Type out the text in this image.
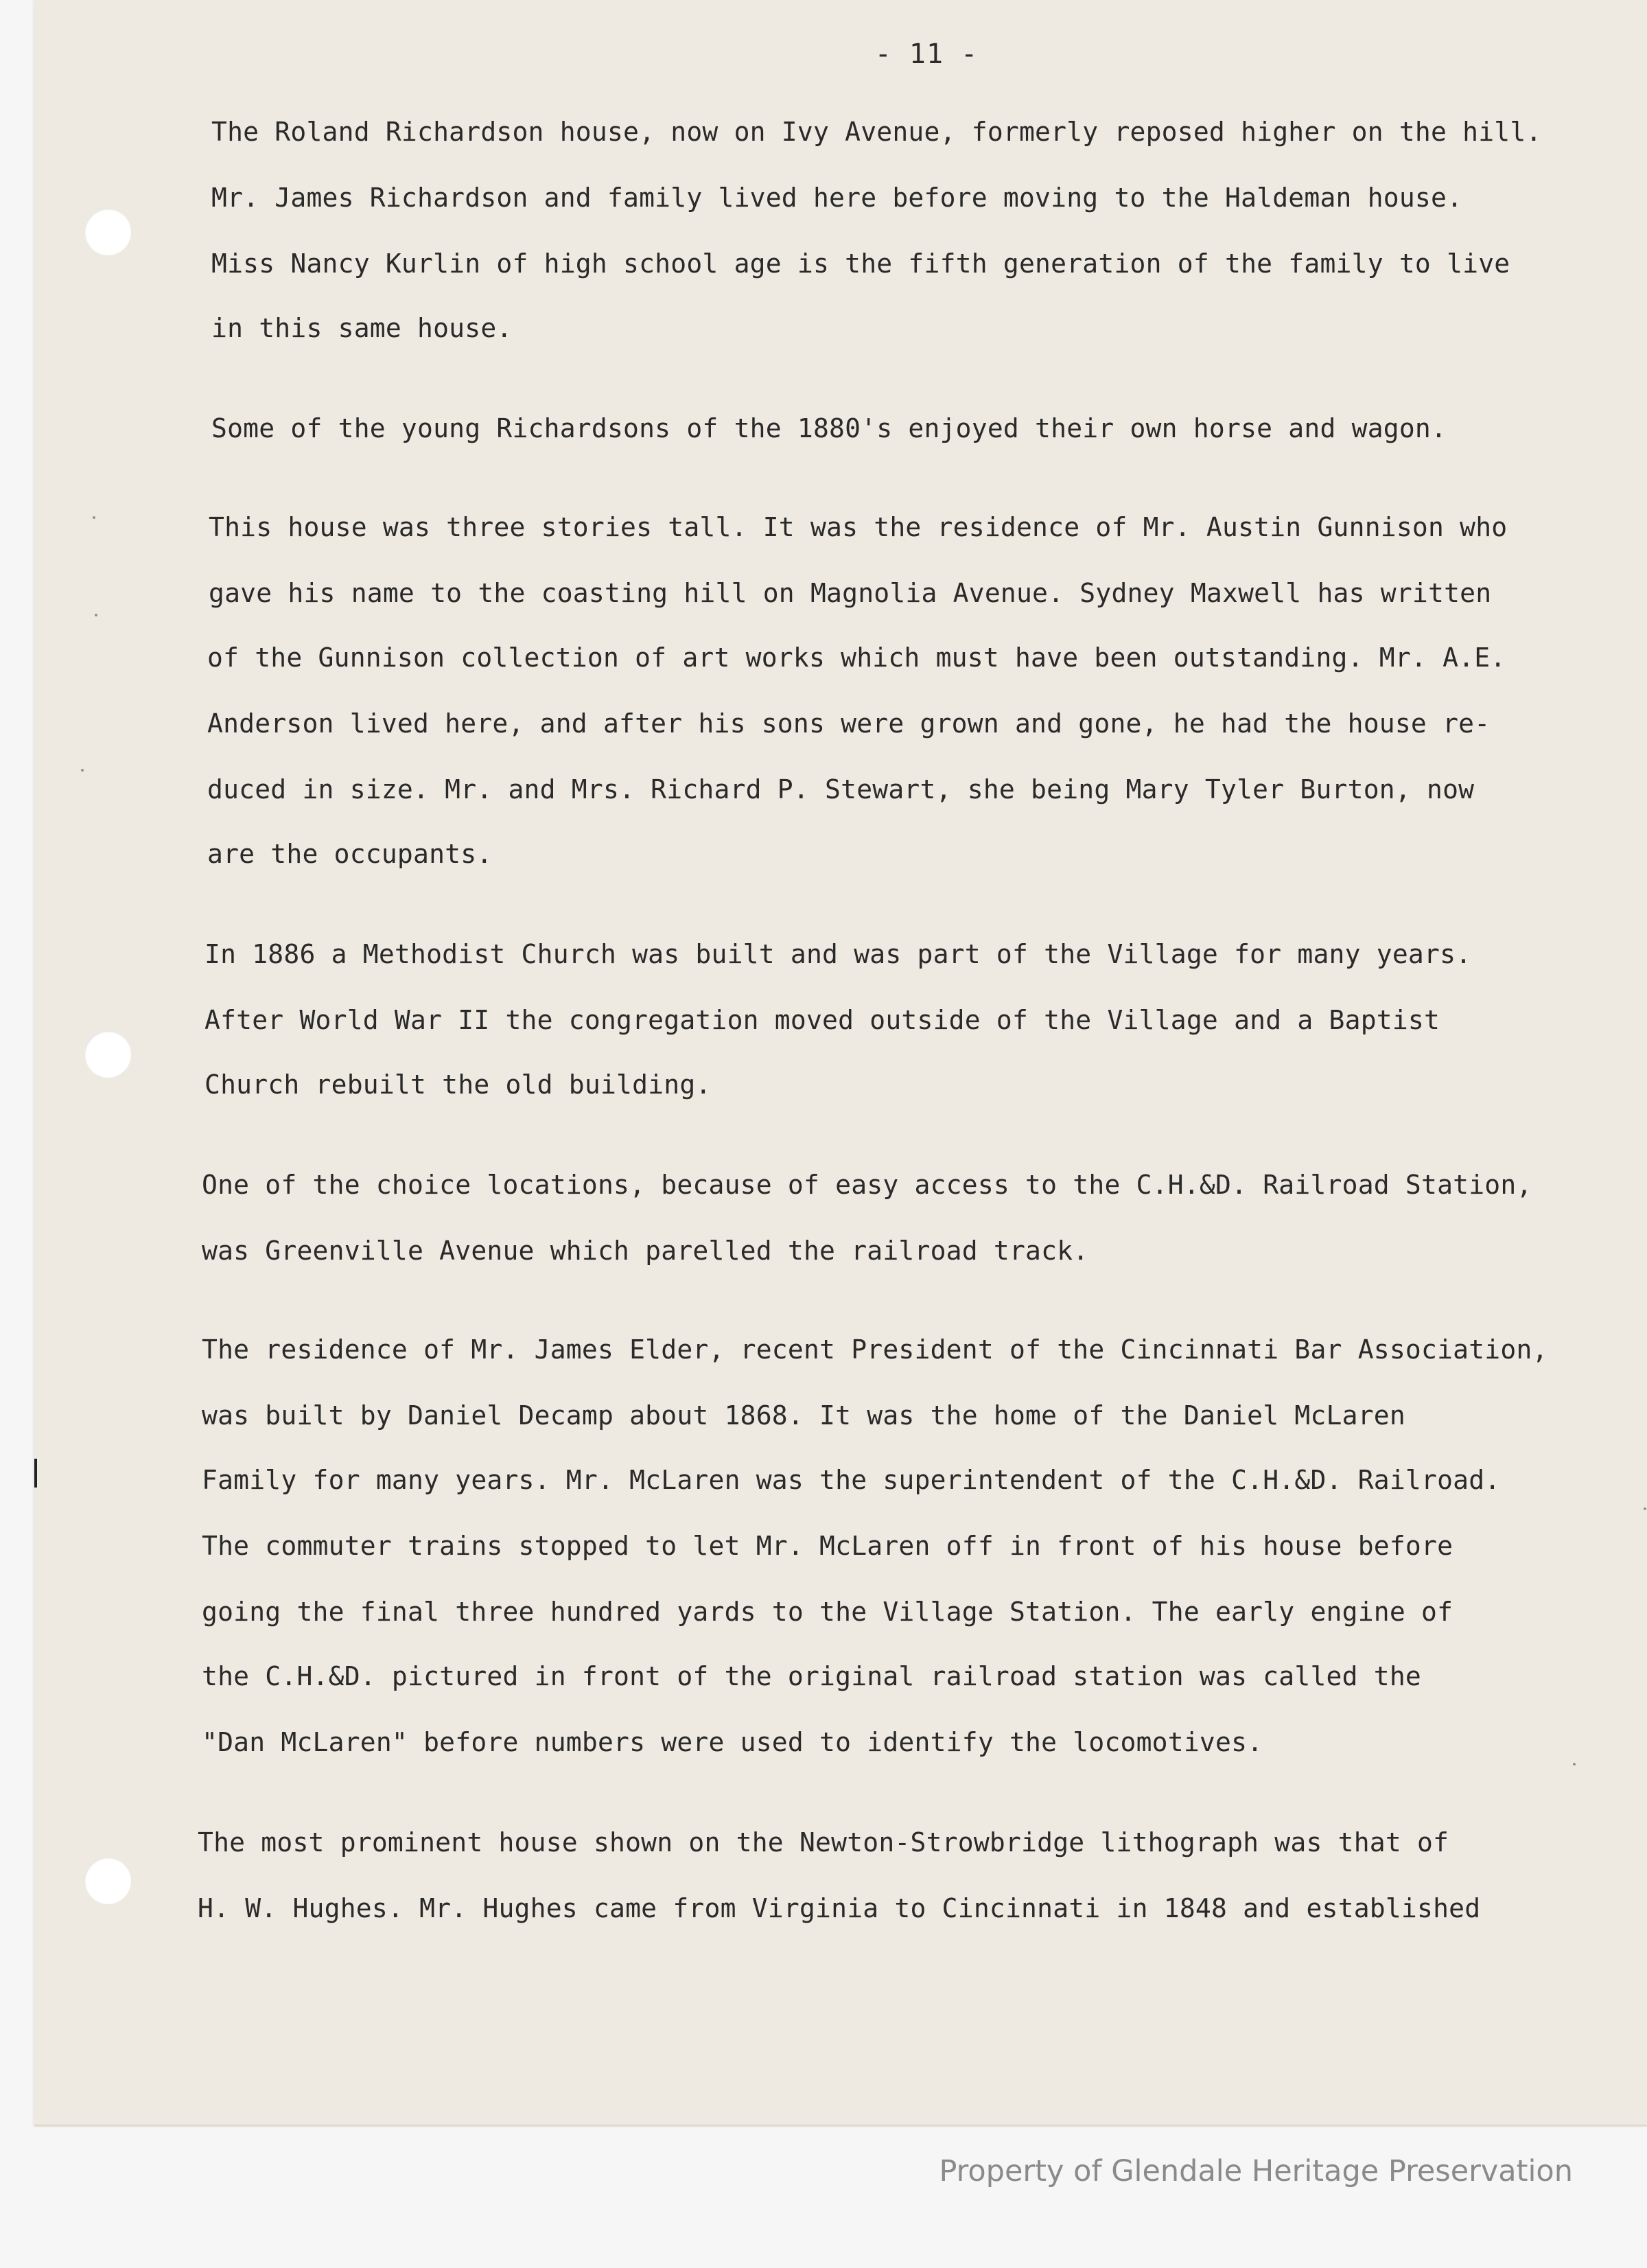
- 11 -
The Roland Richardson house, now on Ivy Avenue, formerly reposed higher on the hill.
Mr. James Richardson and family lived here before moving to the Haldeman house.
Miss Nancy Kurlin of high school age is the fifth generation of the family to live
in this same house.
Some of the young Richardsons of the 1880's enjoyed their own horse and wagon.
This house was three stories tall. It was the residence of Mr. Austin Gunnison who
gave his name to the coasting hill on Magnolia Avenue. Sydney Maxwell has written
of the Gunnison collection of art works which must have been outstanding. Mr. A.E.
Anderson lived here, and after his sons were grown and gone, he had the house re-
duced in size. Mr. and Mrs. Richard P. Stewart, she being Mary Tyler Burton, now
are the occupants.
In 1886 a Methodist Church was built and was part of the Village for many years.
After World War II the congregation moved outside of the Village and a Baptist
Church rebuilt the old building.
One of the choice locations, because of easy access to the C.H.&D. Railroad Station,
was Greenville Avenue which parelled the railroad track.
The residence of Mr. James Elder, recent President of the Cincinnati Bar Association,
was built by Daniel Decamp about 1868. It was the home of the Daniel McLaren
Family for many years. Mr. McLaren was the superintendent of the C.H.&D. Railroad.
The commuter trains stopped to let Mr. McLaren off in front of his house before
going the final three hundred yards to the Village Station. The early engine of
the C.H.&D. pictured in front of the original railroad station was called the
"Dan McLaren" before numbers were used to identify the locomotives.
The most prominent house shown on the Newton-Strowbridge lithograph was that of
H. W. Hughes. Mr. Hughes came from Virginia to Cincinnati in 1848 and established
Property of Glendale Heritage Preservation
